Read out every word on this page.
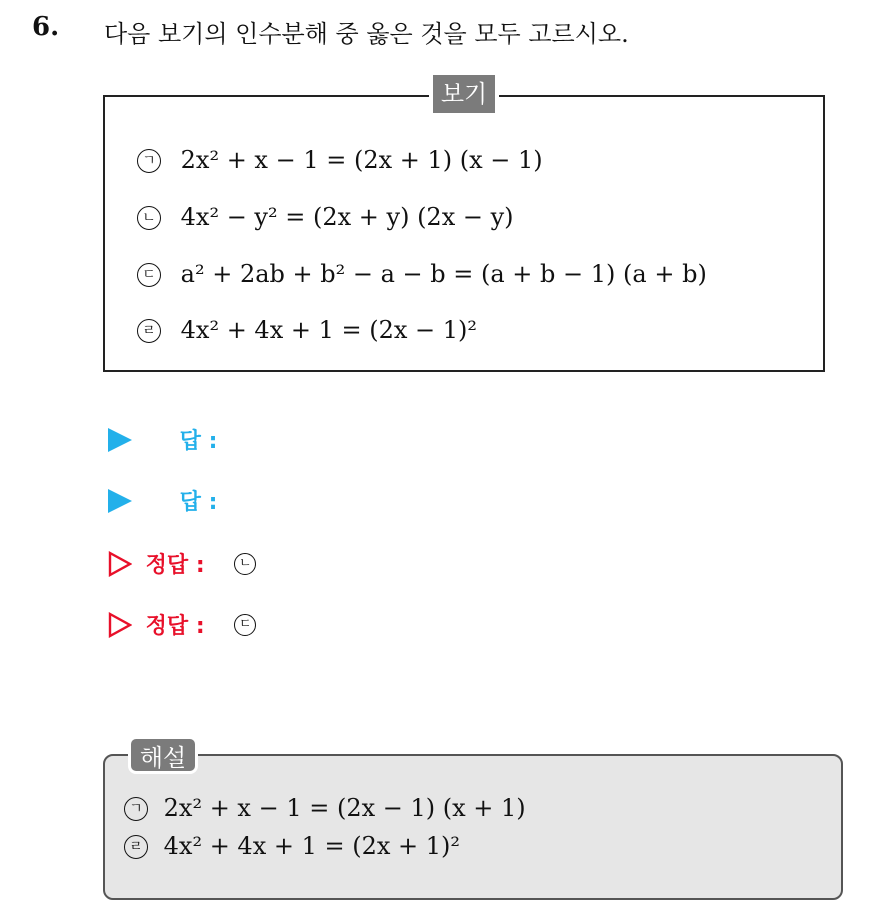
6. 다음 보기의 인수분해 중 옳은 것을 모두 고르시오.
보기
ㄱ 2x² + x − 1 = (2x + 1) (x − 1)
ㄴ 4x² − y² = (2x + y) (2x − y)
ㄷ a² + 2ab + b² − a − b = (a + b − 1) (a + b)
ㄹ 4x² + 4x + 1 = (2x − 1)²
답 :
답 :
정답 :	ㄴ
정답 :	ㄷ
해설
ㄱ 2x² + x − 1 = (2x − 1) (x + 1)
ㄹ 4x² + 4x + 1 = (2x + 1)²
